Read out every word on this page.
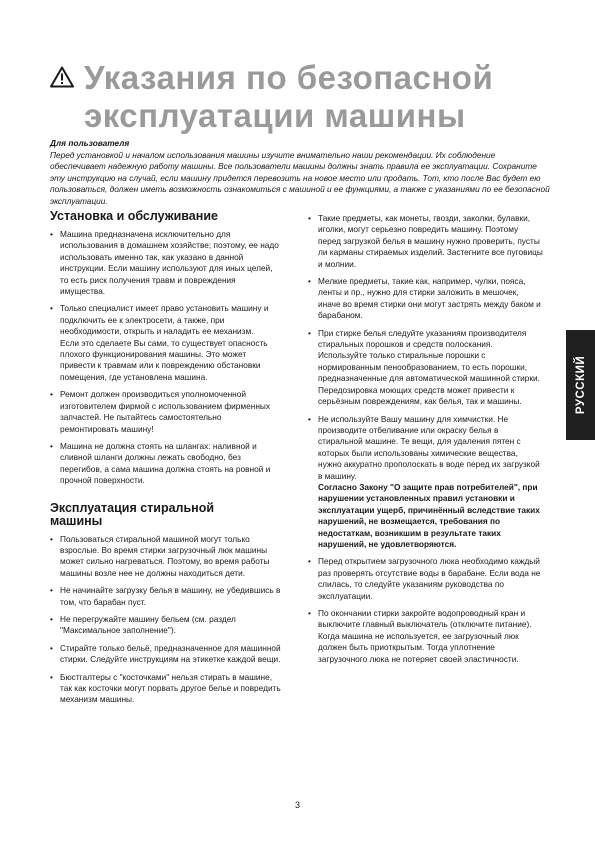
Указания по безопасной
эксплуатации машины
Для пользователя
Перед установкой и началом использования машины изучите внимательно наши рекомендации. Их соблюдение обеспечивает надежную работу машины. Все пользователи машины должны знать правила ее эксплуатации. Сохраните эту инструкцию на случай, если машину придется перевозить на новое место или продать. Тот, кто после Вас будет ею пользоваться, должен иметь возможность ознакомиться с машиной и ее функциями, а также с указаниями по ее безопасной эксплуатации.
Установка и обслуживание
• Машина предназначена исключительно для использования в домашнем хозяйстве; поэтому, ее надо использовать именно так, как указано в данной инструкции. Если машину используют для иных целей, то есть риск получения травм и повреждения имущества.
• Только специалист имеет право установить машину и подключить ее к электросети, а также, при необходимости, открыть и наладить ее механизм.
Если это сделаете Вы сами, то существует опасность плохого функционирования машины. Это может привести к травмам или к повреждению обстановки помещения, где установлена машина.
• Ремонт должен производиться уполномоченной изготовителем фирмой с использованием фирменных запчастей. Не пытайтесь самостоятельно ремонтировать машину!
• Машина не должна стоять на шлангах: наливной и сливной шланги должны лежать свободно, без перегибов, а сама машина должна стоять на ровной и прочной поверхности.
Эксплуатация стиральной
машины
• Пользоваться стиральной машиной могут только взрослые. Во время стирки загрузочный люк машины может сильно нагреваться. Поэтому, во время работы машины возле нее не должны находиться дети.
• Не начинайте загрузку белья в машину, не убедившись в том, что барабан пуст.
• Не перегружайте машину бельем (см. раздел "Максимальное заполнение").
• Стирайте только бельё, предназначенное для машинной стирки. Следуйте инструкциям на этикетке каждой вещи.
• Бюстгалтеры с "косточками" нельзя стирать в машине, так как косточки могут порвать другое белье и повредить механизм машины.
• Такие предметы, как монеты, гвозди, заколки, булавки, иголки, могут серьезно повредить машину. Поэтому перед загрузкой белья в машину нужно проверить, пусты ли карманы стираемых изделий. Застегните все пуговицы и молнии.
• Мелкие предметы, такие как, например, чулки, пояса, ленты и пр., нужно для стирки заложить в мешочек, иначе во время стирки они могут застрять между баком и барабаном.
• При стирке белья следуйте указаниям производителя стиральных порошков и средств полоскания. Используйте только стиральные порошки с нормированным пенообразованием, то есть порошки, предназначенные для автоматической машинной стирки.
Передозировка моющих средств может привести к серьёзным повреждениям, как белья, так и машины.
• Не используйте Вашу машину для химчистки. Не производите отбеливание или окраску белья в стиральной машине. Те вещи, для удаления пятен с которых были использованы химические вещества, нужно аккуратно прополоскать в воде перед их загрузкой в машину.
Согласно Закону "О защите прав потребителей", при нарушении установленных правил установки и эксплуатации ущерб, причинённый вследствие таких нарушений, не возмещается, требования по недостаткам, возникшим в результате таких нарушений, не удовлетворяются.
• Перед открытием загрузочного люка необходимо каждый раз проверять отсутствие воды в барабане. Если вода не слилась, то следуйте указаниям руководства по эксплуатации.
• По окончании стирки закройте водопроводный кран и выключите главный выключатель (отключите питание). Когда машина не используется, ее загрузочный люк должен быть приоткрытым. Тогда уплотнение загрузочного люка не потеряет своей эластичности.
РУССКИЙ
3
